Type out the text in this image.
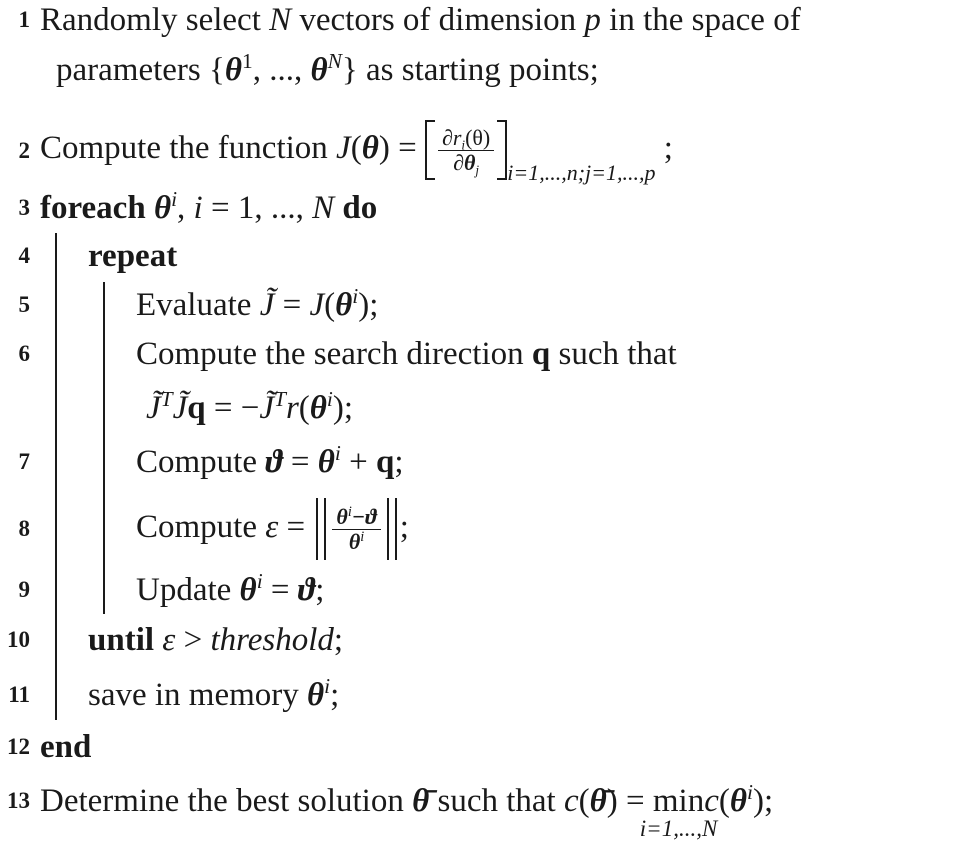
1 Randomly select N vectors of dimension p in the space of
parameters {$\theta^1$, ..., $\theta^N$} as starting points;
2 Compute the function $J(\theta) = \frac{\partial r_i(\theta)}{\partial\theta_j} _{i=1,...,n;j=1,...,p}$ ;
3 foreach $\theta^i$, i = 1, ..., N do
4 repeat
5	Evaluate J̃ = $J(\theta^i)$;
6	Compute the search direction q such that
J̃$^T$J̃q = $-J̃^Tr(\theta^i)$;
7	Compute $ϑ = \theta^i + q$;
8	Compute $\varepsilon = \frac{\theta^i-ϑ}{\theta^i}$ ;
9	Update $\theta^i = ϑ$;
10 until ε > threshold;
11 save in memory $\theta^i$;
12 end
13 Determine the best solution θ̄ such that c(θ̄) = min
i=1,...,N
$c(\theta^i)$;
